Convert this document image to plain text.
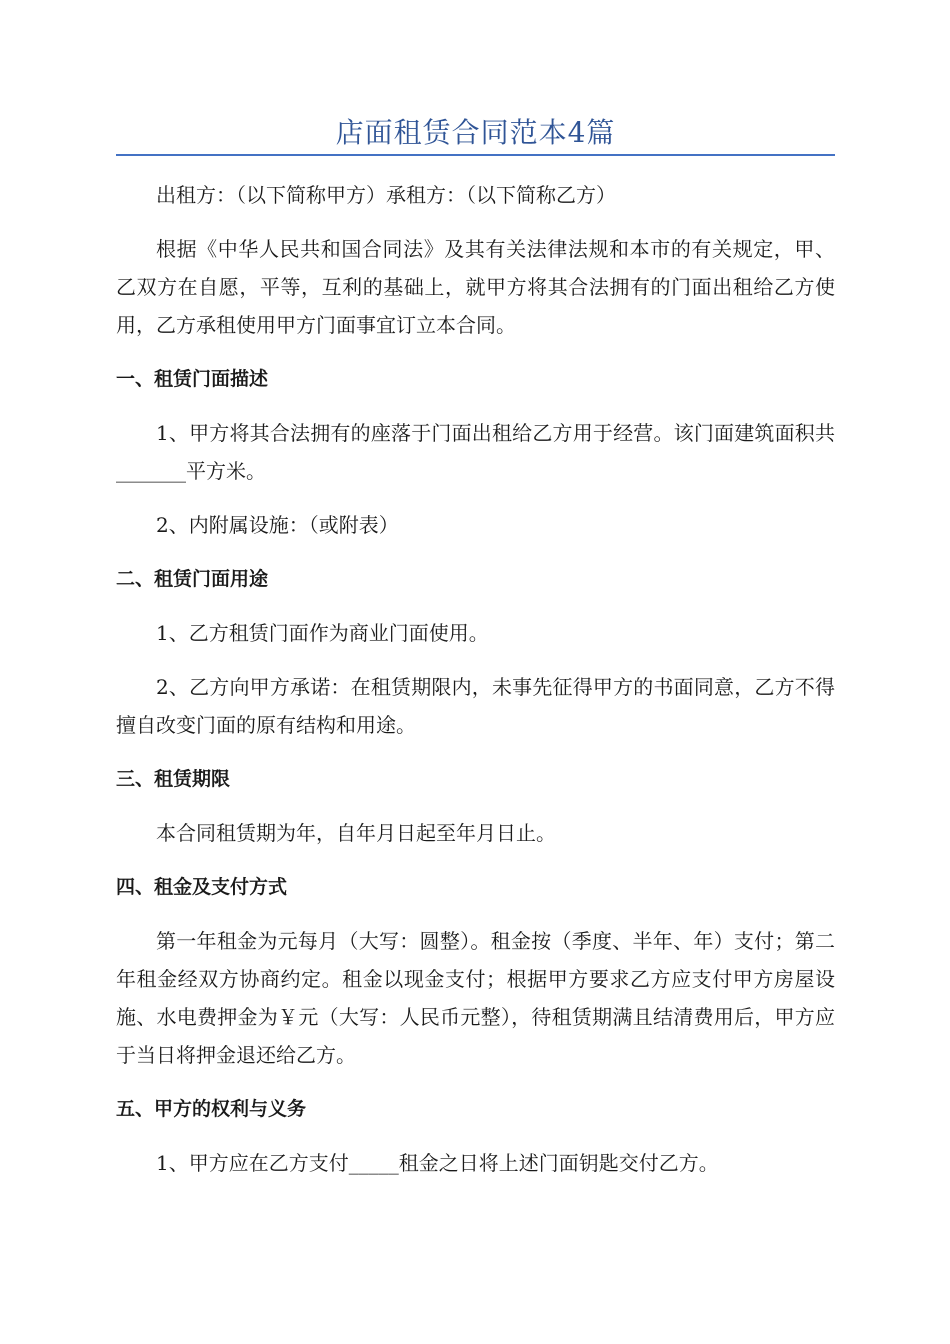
店面租赁合同范本4篇
出租方：（以下简称甲方）承租方：（以下简称乙方）
根据《中华人民共和国合同法》及其有关法律法规和本市的有关规定，甲、乙双方在自愿，平等，互利的基础上，就甲方将其合法拥有的门面出租给乙方使用，乙方承租使用甲方门面事宜订立本合同。
一、租赁门面描述
1、甲方将其合法拥有的座落于门面出租给乙方用于经营。该门面建筑面积共_______平方米。
2、内附属设施：（或附表）
二、租赁门面用途
1、乙方租赁门面作为商业门面使用。
2、乙方向甲方承诺：在租赁期限内，未事先征得甲方的书面同意，乙方不得擅自改变门面的原有结构和用途。
三、租赁期限
本合同租赁期为年，自年月日起至年月日止。
四、租金及支付方式
第一年租金为元每月（大写：圆整）。租金按（季度、半年、年）支付；第二年租金经双方协商约定。租金以现金支付；根据甲方要求乙方应支付甲方房屋设施、水电费押金为￥元（大写：人民币元整），待租赁期满且结清费用后，甲方应于当日将押金退还给乙方。
五、甲方的权利与义务
1、甲方应在乙方支付_____租金之日将上述门面钥匙交付乙方。
